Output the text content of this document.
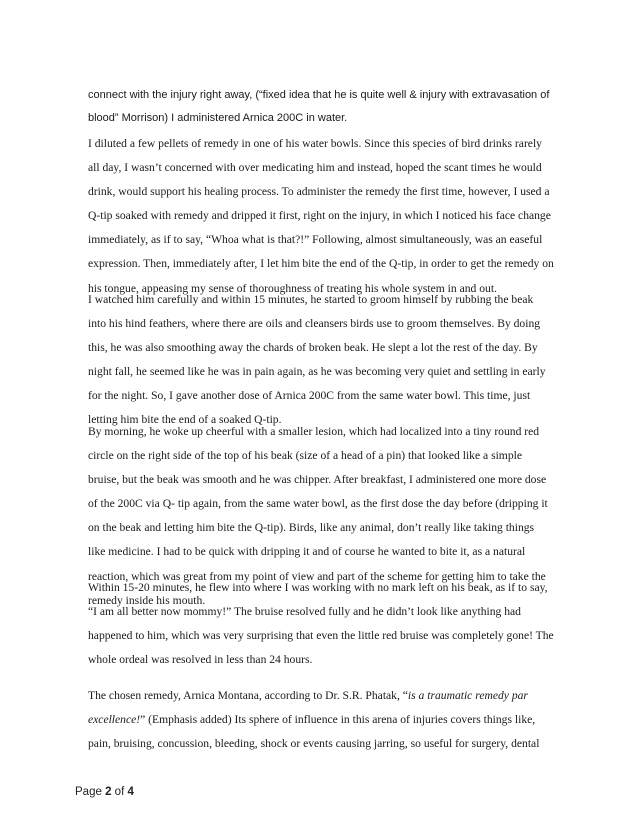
connect with the injury right away, (“fixed idea that he is quite well & injury with extravasation of blood” Morrison) I administered Arnica 200C in water.

I diluted a few pellets of remedy in one of his water bowls. Since this species of bird drinks rarely all day, I wasn’t concerned with over medicating him and instead, hoped the scant times he would drink, would support his healing process. To administer the remedy the first time, however, I used a Q-tip soaked with remedy and dripped it first, right on the injury, in which I noticed his face change immediately, as if to say, “Whoa what is that?!” Following, almost simultaneously, was an easeful expression. Then, immediately after, I let him bite the end of the Q-tip, in order to get the remedy on his tongue, appeasing my sense of thoroughness of treating his whole system in and out.

I watched him carefully and within 15 minutes, he started to groom himself by rubbing the beak into his hind feathers, where there are oils and cleansers birds use to groom themselves. By doing this, he was also smoothing away the chards of broken beak. He slept a lot the rest of the day. By night fall, he seemed like he was in pain again, as he was becoming very quiet and settling in early for the night. So, I gave another dose of Arnica 200C from the same water bowl. This time, just letting him bite the end of a soaked Q-tip.

By morning, he woke up cheerful with a smaller lesion, which had localized into a tiny round red circle on the right side of the top of his beak (size of a head of a pin) that looked like a simple bruise, but the beak was smooth and he was chipper. After breakfast, I administered one more dose of the 200C via Q- tip again, from the same water bowl, as the first dose the day before (dripping it on the beak and letting him bite the Q-tip). Birds, like any animal, don’t really like taking things like medicine. I had to be quick with dripping it and of course he wanted to bite it, as a natural reaction, which was great from my point of view and part of the scheme for getting him to take the remedy inside his mouth.

Within 15-20 minutes, he flew into where I was working with no mark left on his beak, as if to say, “I am all better now mommy!” The bruise resolved fully and he didn’t look like anything had happened to him, which was very surprising that even the little red bruise was completely gone! The whole ordeal was resolved in less than 24 hours.

The chosen remedy, Arnica Montana, according to Dr. S.R. Phatak, “is a traumatic remedy par excellence!” (Emphasis added) Its sphere of influence in this arena of injuries covers things like, pain, bruising, concussion, bleeding, shock or events causing jarring, so useful for surgery, dental

Page 2 of 4
